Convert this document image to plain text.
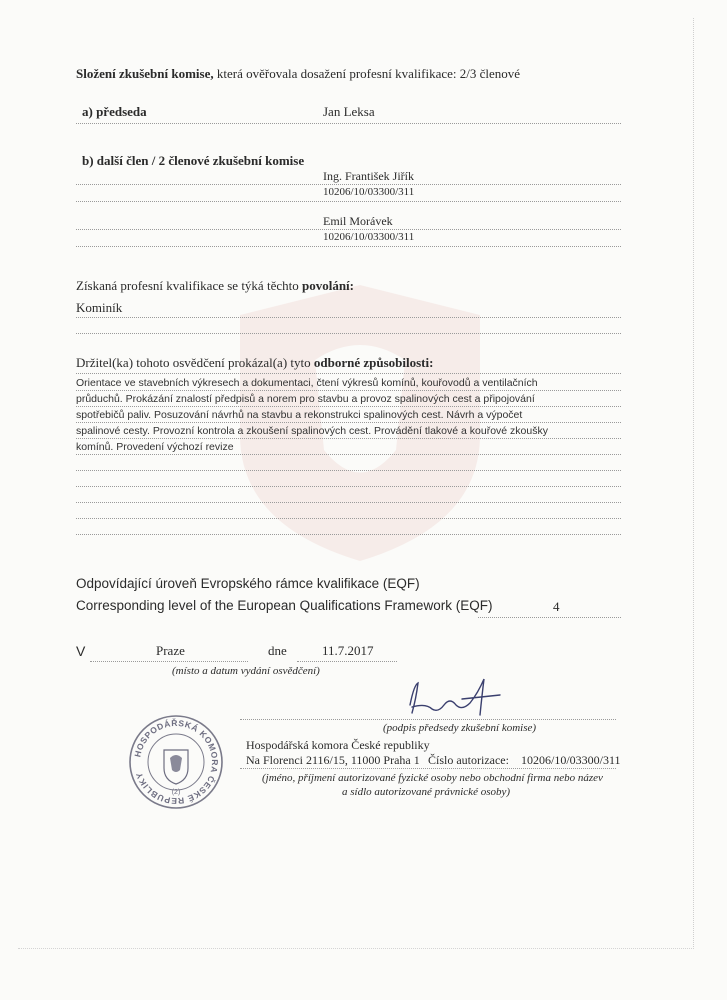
Složení zkušební komise, která ověřovala dosažení profesní kvalifikace: 2/3 členové
a) předseda	Jan Leksa
b) další člen / 2 členové zkušební komise
Ing. František Jiřík
10206/10/03300/311
Emil Morávek
10206/10/03300/311
Získaná profesní kvalifikace se týká těchto povolání:
Kominík
Držitel(ka) tohoto osvědčení prokázal(a) tyto odborné způsobilosti:
Orientace ve stavebních výkresech a dokumentaci, čtení výkresů komínů, kouřovodů a ventilačních
průduchů. Prokázání znalostí předpisů a norem pro stavbu a provoz spalinových cest a připojování
spotřebičů paliv. Posuzování návrhů na stavbu a rekonstrukci spalinových cest. Návrh a výpočet
spalinové cesty. Provozní kontrola a zkoušení spalinových cest. Provádění tlakové a kouřové zkoušky
komínů. Provedení výchozí revize
Odpovídající úroveň Evropského rámce kvalifikace (EQF)
Corresponding level of the European Qualifications Framework (EQF)	4
V	Praze	dne	11.7.2017
(místo a datum vydání osvědčení)
(podpis předsedy zkušební komise)
Hospodářská komora České republiky
Na Florenci 2116/15, 11000 Praha 1 Číslo autorizace: 10206/10/03300/311
(jméno, příjmení autorizované fyzické osoby nebo obchodní firma nebo název
a sídlo autorizované právnické osoby)
HOSPODÁŘSKÁ KOMORA ČESKÉ REPUBLIKY
(2)
